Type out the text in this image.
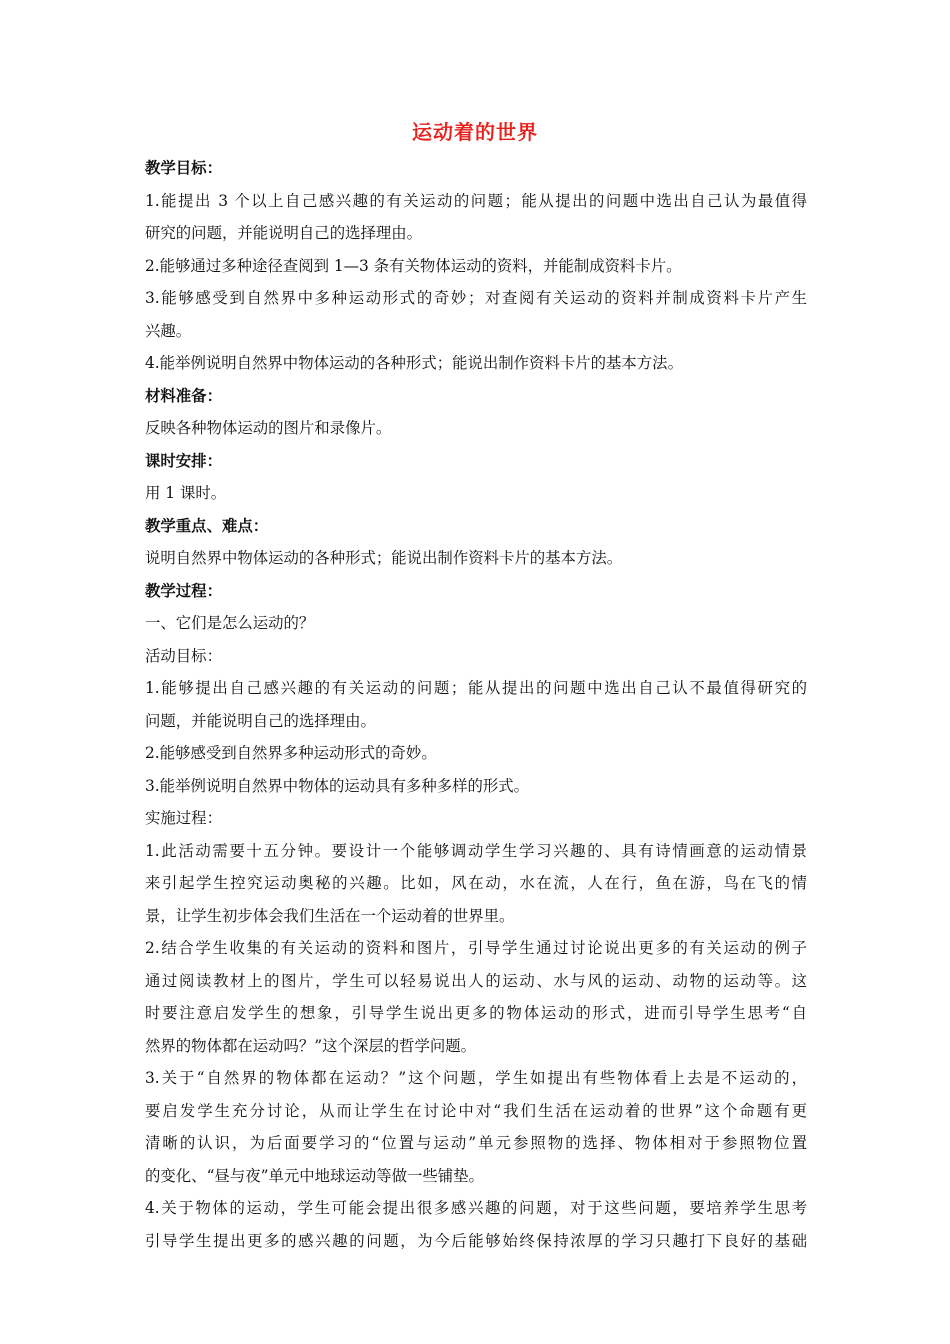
运动着的世界
教学目标：
1.能提出 3 个以上自己感兴趣的有关运动的问题；能从提出的问题中选出自己认为最值得
研究的问题，并能说明自己的选择理由。
2.能够通过多种途径查阅到 1—3 条有关物体运动的资料，并能制成资料卡片。
3.能够感受到自然界中多种运动形式的奇妙；对查阅有关运动的资料并制成资料卡片产生
兴趣。
4.能举例说明自然界中物体运动的各种形式；能说出制作资料卡片的基本方法。
材料准备：
反映各种物体运动的图片和录像片。
课时安排：
用 1 课时。
教学重点、难点：
说明自然界中物体运动的各种形式；能说出制作资料卡片的基本方法。
教学过程：
一、它们是怎么运动的？
活动目标：
1.能够提出自己感兴趣的有关运动的问题；能从提出的问题中选出自己认不最值得研究的
问题，并能说明自己的选择理由。
2.能够感受到自然界多种运动形式的奇妙。
3.能举例说明自然界中物体的运动具有多种多样的形式。
实施过程：
1.此活动需要十五分钟。要设计一个能够调动学生学习兴趣的、具有诗情画意的运动情景
来引起学生控究运动奥秘的兴趣。比如，风在动，水在流，人在行，鱼在游，鸟在飞的情
景，让学生初步体会我们生活在一个运动着的世界里。
2.结合学生收集的有关运动的资料和图片，引导学生通过讨论说出更多的有关运动的例子
通过阅读教材上的图片，学生可以轻易说出人的运动、水与风的运动、动物的运动等。这
时要注意启发学生的想象，引导学生说出更多的物体运动的形式，进而引导学生思考“自
然界的物体都在运动吗？”这个深层的哲学问题。
3.关于“自然界的物体都在运动？”这个问题，学生如提出有些物体看上去是不运动的，
要启发学生充分讨论，从而让学生在讨论中对“我们生活在运动着的世界”这个命题有更
清晰的认识，为后面要学习的“位置与运动”单元参照物的选择、物体相对于参照物位置
的变化、“昼与夜”单元中地球运动等做一些铺垫。
4.关于物体的运动，学生可能会提出很多感兴趣的问题，对于这些问题，要培养学生思考
引导学生提出更多的感兴趣的问题，为今后能够始终保持浓厚的学习只趣打下良好的基础
